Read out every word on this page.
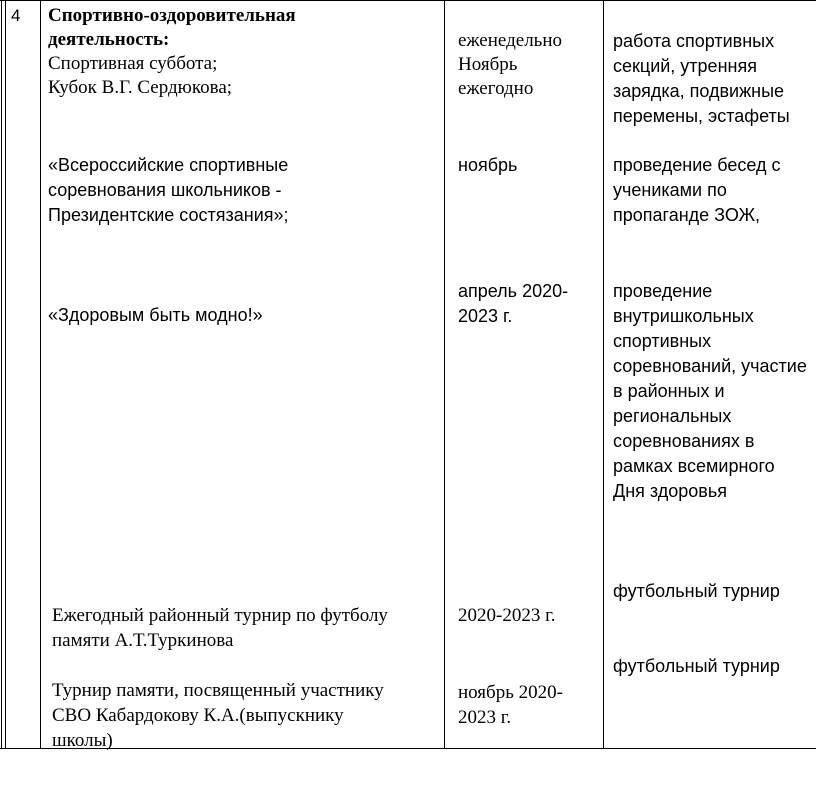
4 Спортивно-оздоровительная
деятельность:
Спортивная суббота;
Кубок В.Г. Сердюкова;
«Всероссийские спортивные
соревнования школьников -
Президентские состязания»;
«Здоровым быть модно!»
Ежегодный районный турнир по футболу
памяти А.Т.Туркинова
Турнир памяти, посвященный участнику
СВО Кабардокову К.А.(выпускнику
школы)
еженедельно
Ноябрь
ежегодно
ноябрь
апрель 2020-
2023 г.
2020-2023 г.
ноябрь 2020-
2023 г.
работа спортивных
секций, утренняя
зарядка, подвижные
перемены, эстафеты
проведение бесед с
учениками по
пропаганде ЗОЖ,
проведение
внутришкольных
спортивных
соревнований, участие
в районных и
региональных
соревнованиях в
рамках всемирного
Дня здоровья
футбольный турнир
футбольный турнир
